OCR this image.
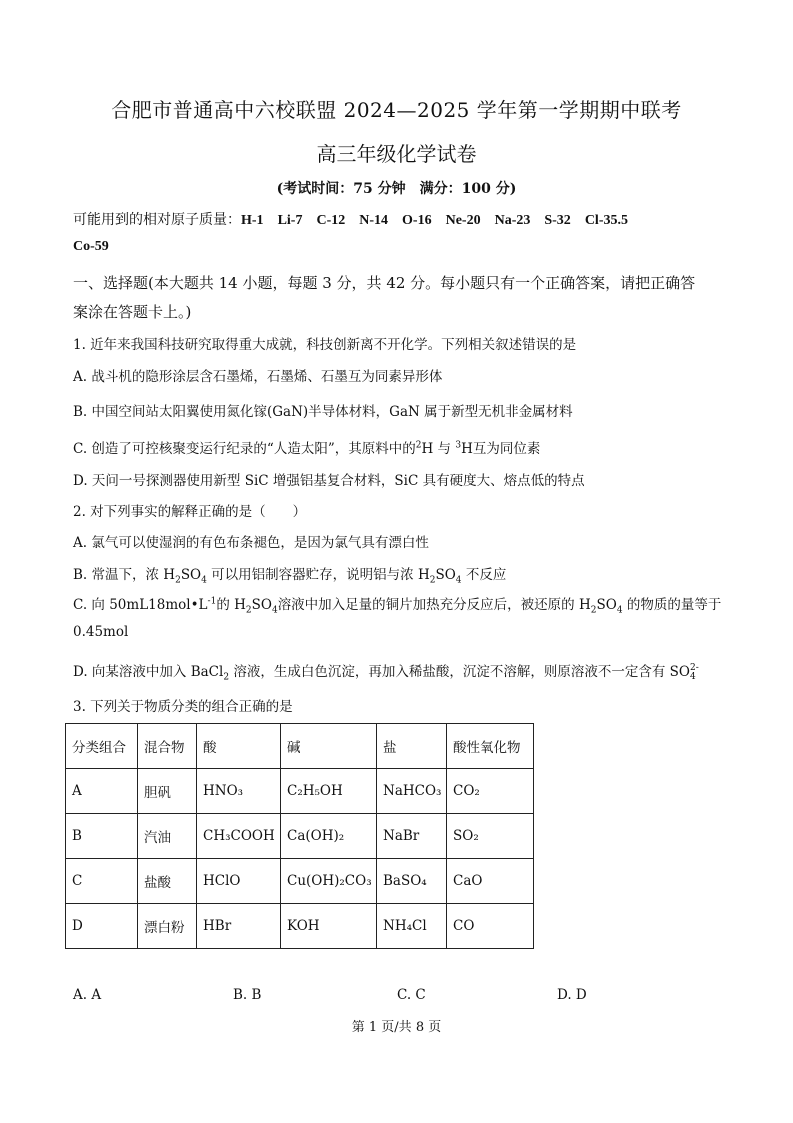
合肥市普通高中六校联盟 2024—2025 学年第一学期期中联考
高三年级化学试卷
(考试时间：75 分钟　满分：100 分)
可能用到的相对原子质量：H-1 Li-7 C-12 N-14 O-16 Ne-20 Na-23 S-32 Cl-35.5
Co-59
一、选择题(本大题共 14 小题，每题 3 分，共 42 分。每小题只有一个正确答案，请把正确答
案涂在答题卡上。)
1. 近年来我国科技研究取得重大成就，科技创新离不开化学。下列相关叙述错误的是
A. 战斗机的隐形涂层含石墨烯，石墨烯、石墨互为同素异形体
B. 中国空间站太阳翼使用氮化镓(GaN)半导体材料，GaN 属于新型无机非金属材料
C. 创造了可控核聚变运行纪录的“人造太阳”，其原料中的$^2$H 与 $^3$H互为同位素
D. 天问一号探测器使用新型 SiC 增强铝基复合材料，SiC 具有硬度大、熔点低的特点
2. 对下列事实的解释正确的是（　　）
A. 氯气可以使湿润的有色布条褪色，是因为氯气具有漂白性
B. 常温下，浓 $H_2SO_4$ 可以用铝制容器贮存，说明铝与浓 $H_2SO_4$ 不反应
C. 向 $50mL18mol•L^{-1}$的 $H_2SO_4$溶液中加入足量的铜片加热充分反应后，被还原的 $H_2SO_4$ 的物质的量等于
0.45mol
D. 向某溶液中加入 BaCl$_2$ 溶液，生成白色沉淀，再加入稀盐酸，沉淀不溶解，则原溶液不一定含有 SO 2-
4
3. 下列关于物质分类的组合正确的是
分类组合	混合物	酸	碱	盐	酸性氧化物
A	胆矾	HNO₃	C₂H₅OH	NaHCO₃	CO₂
B	汽油	CH₃COOH	Ca(OH)₂	NaBr	SO₂
C	盐酸	HClO	Cu(OH)₂CO₃	BaSO₄	CaO
D	漂白粉	HBr	KOH	NH₄Cl	CO
A. A	B. B	C. C	D. D
第 1 页/共 8 页
